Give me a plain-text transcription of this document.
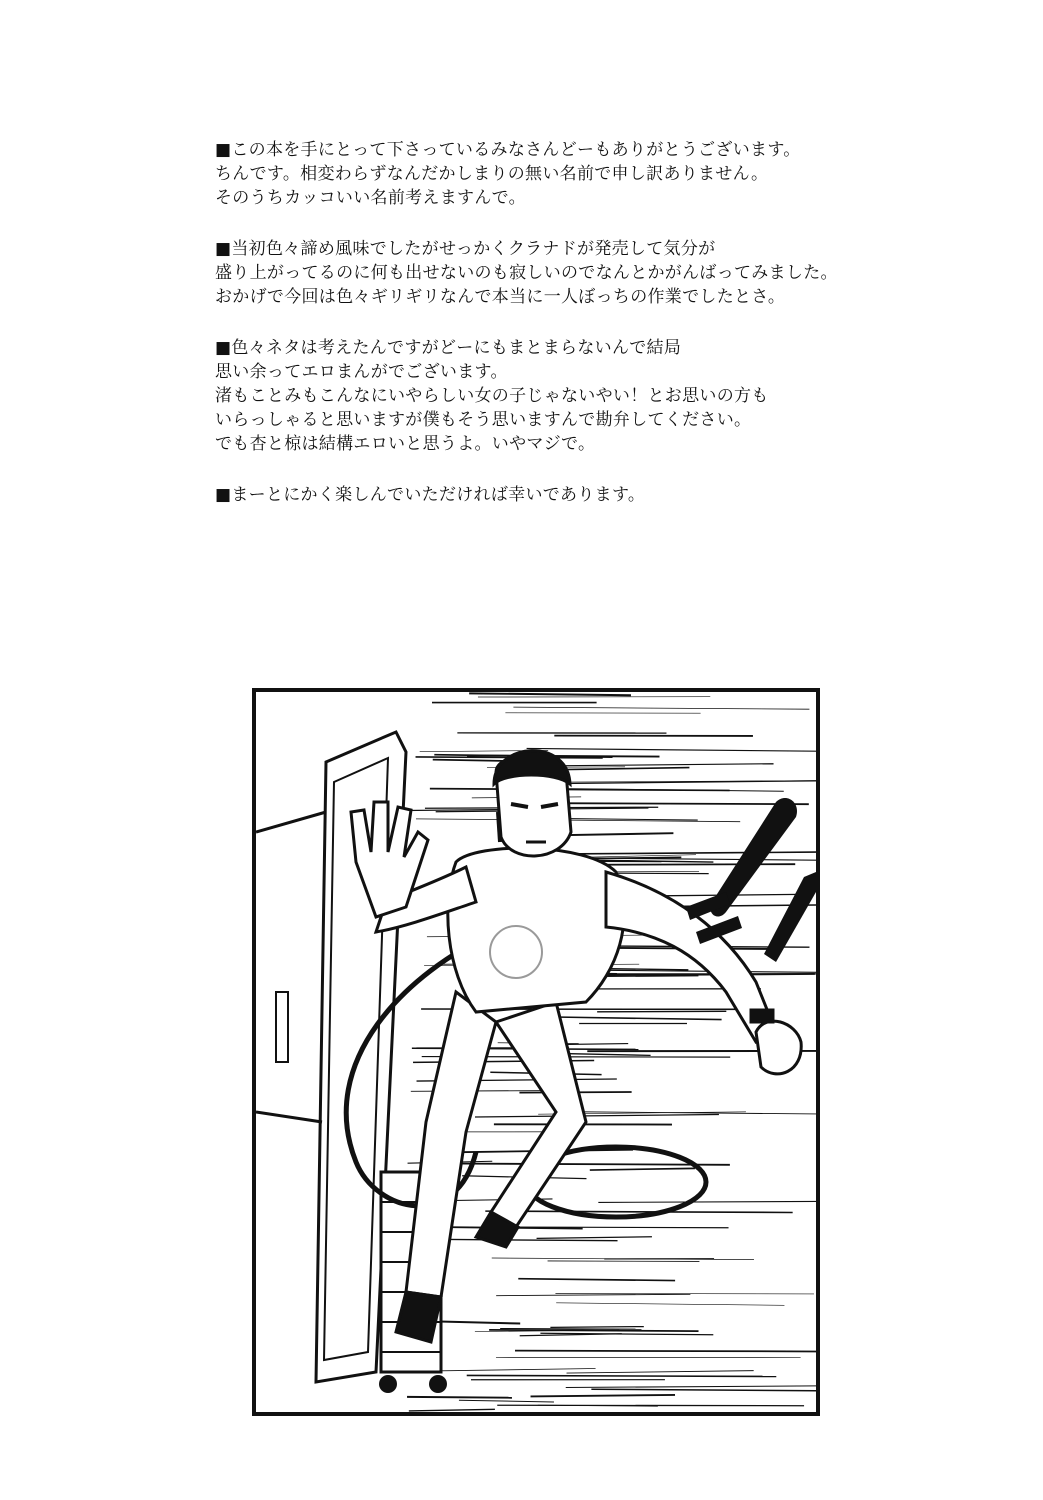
■この本を手にとって下さっているみなさんどーもありがとうございます。
ちんです。相変わらずなんだかしまりの無い名前で申し訳ありません。
そのうちカッコいい名前考えますんで。
■当初色々諦め風味でしたがせっかくクラナドが発売して気分が
盛り上がってるのに何も出せないのも寂しいのでなんとかがんばってみました。
おかげで今回は色々ギリギリなんで本当に一人ぼっちの作業でしたとさ。
■色々ネタは考えたんですがどーにもまとまらないんで結局
思い余ってエロまんがでございます。
渚もことみもこんなにいやらしい女の子じゃないやい！とお思いの方も
いらっしゃると思いますが僕もそう思いますんで勘弁してください。
でも杏と椋は結構エロいと思うよ。いやマジで。
■まーとにかく楽しんでいただければ幸いであります。
